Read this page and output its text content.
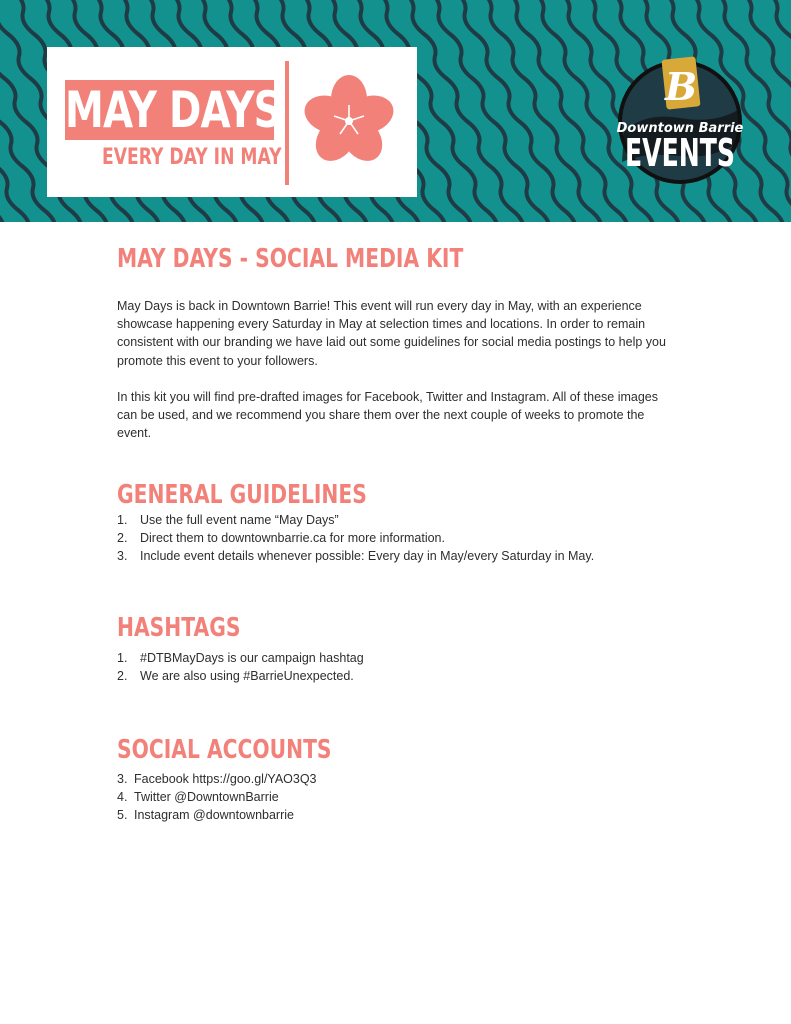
MAY DAYS
EVERY DAY IN MAY
B
Downtown Barrie
EVENTS
MAY DAYS - SOCIAL MEDIA KIT

May Days is back in Downtown Barrie! This event will run every day in May, with an experience showcase happening every Saturday in May at selection times and locations. In order to remain consistent with our branding we have laid out some guidelines for social media postings to help you promote this event to your followers.

In this kit you will find pre-drafted images for Facebook, Twitter and Instagram. All of these images can be used, and we recommend you share them over the next couple of weeks to promote the event.

GENERAL GUIDELINES
1. Use the full event name “May Days”
2. Direct them to downtownbarrie.ca for more information.
3. Include event details whenever possible: Every day in May/every Saturday in May.
HASHTAGS
1. #DTBMayDays is our campaign hashtag
2. We are also using #BarrieUnexpected.
SOCIAL ACCOUNTS
3. Facebook https://goo.gl/YAO3Q3
4. Twitter @DowntownBarrie
5. Instagram @downtownbarrie
